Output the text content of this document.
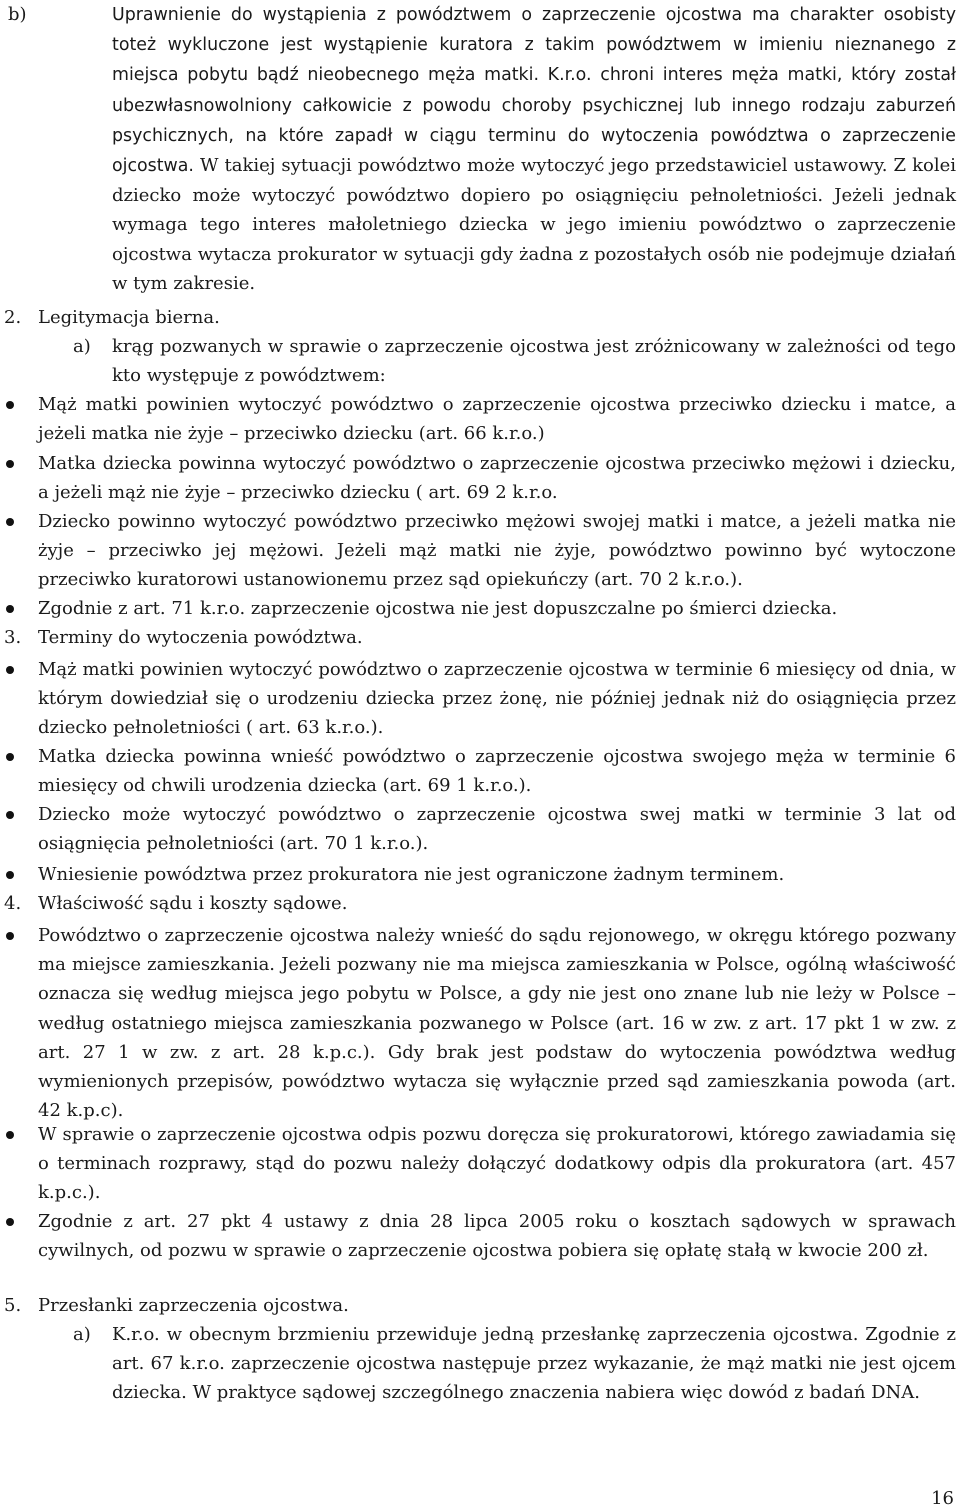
b)	Uprawnienie do wystąpienia z powództwem o zaprzeczenie ojcostwa ma charakter osobisty toteż wykluczone jest wystąpienie kuratora z takim powództwem w imieniu nieznanego z miejsca pobytu bądź nieobecnego męża matki. K.r.o. chroni interes męża matki, który został ubezwłasnowolniony całkowicie z powodu choroby psychicznej lub innego rodzaju zaburzeń psychicznych, na które zapadł w ciągu terminu do wytoczenia powództwa o zaprzeczenie ojcostwa. W takiej sytuacji powództwo może wytoczyć jego przedstawiciel ustawowy. Z kolei dziecko może wytoczyć powództwo dopiero po osiągnięciu pełnoletniości. Jeżeli jednak wymaga tego interes małoletniego dziecka w jego imieniu powództwo o zaprzeczenie ojcostwa wytacza prokurator w sytuacji gdy żadna z pozostałych osób nie podejmuje działań w tym zakresie.
2. Legitymacja bierna.
a) krąg pozwanych w sprawie o zaprzeczenie ojcostwa jest zróżnicowany w zależności od tego kto występuje z powództwem:
Mąż matki powinien wytoczyć powództwo o zaprzeczenie ojcostwa przeciwko dziecku i matce, a jeżeli matka nie żyje – przeciwko dziecku (art. 66 k.r.o.)
Matka dziecka powinna wytoczyć powództwo o zaprzeczenie ojcostwa przeciwko mężowi i dziecku, a jeżeli mąż nie żyje – przeciwko dziecku ( art. 69 2 k.r.o.
Dziecko powinno wytoczyć powództwo przeciwko mężowi swojej matki i matce, a jeżeli matka nie żyje – przeciwko jej mężowi. Jeżeli mąż matki nie żyje, powództwo powinno być wytoczone przeciwko kuratorowi ustanowionemu przez sąd opiekuńczy (art. 70 2 k.r.o.).
Zgodnie z art. 71 k.r.o. zaprzeczenie ojcostwa nie jest dopuszczalne po śmierci dziecka.
3. Terminy do wytoczenia powództwa.
Mąż matki powinien wytoczyć powództwo o zaprzeczenie ojcostwa w terminie 6 miesięcy od dnia, w którym dowiedział się o urodzeniu dziecka przez żonę, nie później jednak niż do osiągnięcia przez dziecko pełnoletniości ( art. 63 k.r.o.).
Matka dziecka powinna wnieść powództwo o zaprzeczenie ojcostwa swojego męża w terminie 6 miesięcy od chwili urodzenia dziecka (art. 69 1 k.r.o.).
Dziecko może wytoczyć powództwo o zaprzeczenie ojcostwa swej matki w terminie 3 lat od osiągnięcia pełnoletniości (art. 70 1 k.r.o.).
Wniesienie powództwa przez prokuratora nie jest ograniczone żadnym terminem.
4. Właściwość sądu i koszty sądowe.
Powództwo o zaprzeczenie ojcostwa należy wnieść do sądu rejonowego, w okręgu którego pozwany ma miejsce zamieszkania. Jeżeli pozwany nie ma miejsca zamieszkania w Polsce, ogólną właściwość oznacza się według miejsca jego pobytu w Polsce, a gdy nie jest ono znane lub nie leży w Polsce – według ostatniego miejsca zamieszkania pozwanego w Polsce (art. 16 w zw. z art. 17 pkt 1 w zw. z art. 27 1 w zw. z art. 28 k.p.c.). Gdy brak jest podstaw do wytoczenia powództwa według wymienionych przepisów, powództwo wytacza się wyłącznie przed sąd zamieszkania powoda (art. 42 k.p.c).
W sprawie o zaprzeczenie ojcostwa odpis pozwu doręcza się prokuratorowi, którego zawiadamia się o terminach rozprawy, stąd do pozwu należy dołączyć dodatkowy odpis dla prokuratora (art. 457 k.p.c.).
Zgodnie z art. 27 pkt 4 ustawy z dnia 28 lipca 2005 roku o kosztach sądowych w sprawach cywilnych, od pozwu w sprawie o zaprzeczenie ojcostwa pobiera się opłatę stałą w kwocie 200 zł.
5. Przesłanki zaprzeczenia ojcostwa.
a) K.r.o. w obecnym brzmieniu przewiduje jedną przesłankę zaprzeczenia ojcostwa. Zgodnie z art. 67 k.r.o. zaprzeczenie ojcostwa następuje przez wykazanie, że mąż matki nie jest ojcem dziecka. W praktyce sądowej szczególnego znaczenia nabiera więc dowód z badań DNA.
16
